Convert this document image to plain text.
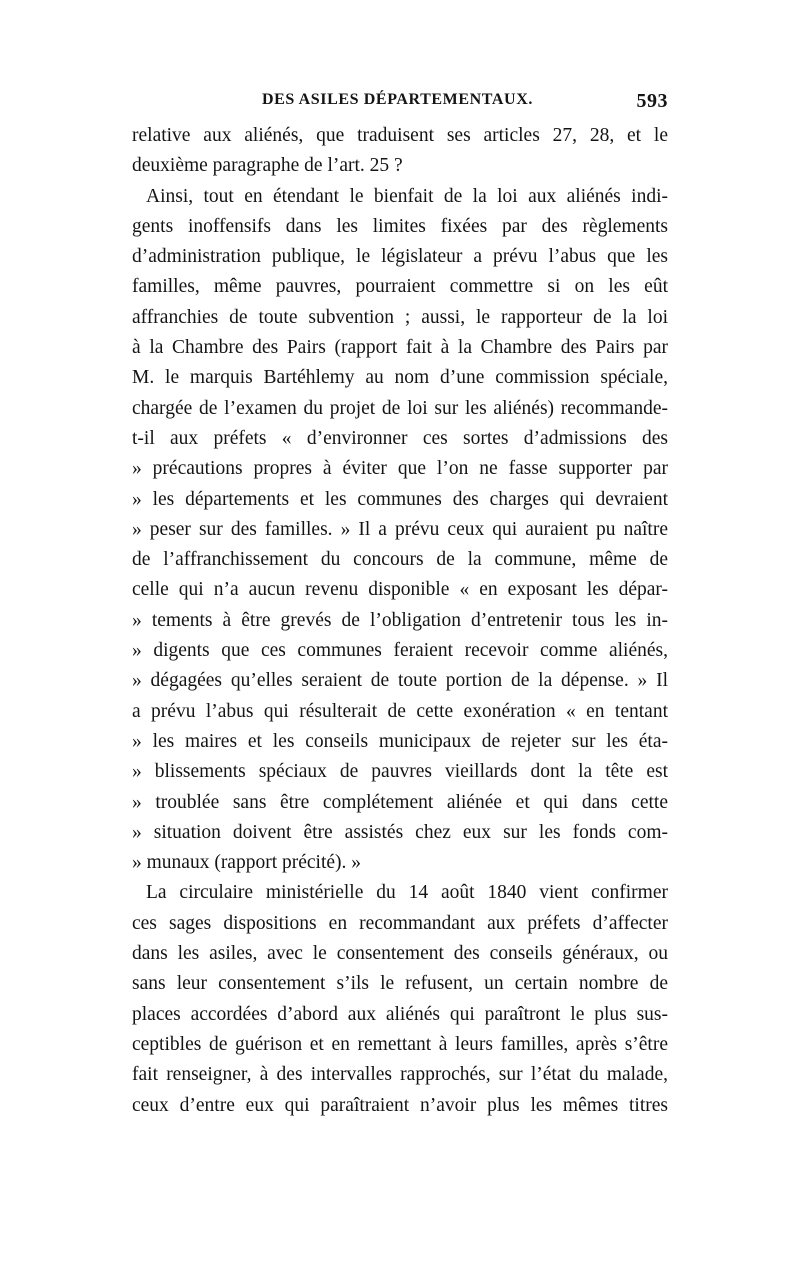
DES ASILES DÉPARTEMENTAUX.	593
relative aux aliénés, que traduisent ses articles 27, 28, et le
deuxième paragraphe de l’art. 25 ?
Ainsi, tout en étendant le bienfait de la loi aux aliénés indi-
gents inoffensifs dans les limites fixées par des règlements
d’administration publique, le législateur a prévu l’abus que les
familles, même pauvres, pourraient commettre si on les eût
affranchies de toute subvention ; aussi, le rapporteur de la loi
à la Chambre des Pairs (rapport fait à la Chambre des Pairs par
M. le marquis Bartéhlemy au nom d’une commission spéciale,
chargée de l’examen du projet de loi sur les aliénés) recommande-
t-il aux préfets « d’environner ces sortes d’admissions des
» précautions propres à éviter que l’on ne fasse supporter par
» les départements et les communes des charges qui devraient
» peser sur des familles. » Il a prévu ceux qui auraient pu naître
de l’affranchissement du concours de la commune, même de
celle qui n’a aucun revenu disponible « en exposant les dépar-
» tements à être grevés de l’obligation d’entretenir tous les in-
» digents que ces communes feraient recevoir comme aliénés,
» dégagées qu’elles seraient de toute portion de la dépense. » Il
a prévu l’abus qui résulterait de cette exonération « en tentant
» les maires et les conseils municipaux de rejeter sur les éta-
» blissements spéciaux de pauvres vieillards dont la tête est
» troublée sans être complétement aliénée et qui dans cette
» situation doivent être assistés chez eux sur les fonds com-
» munaux (rapport précité). »
La circulaire ministérielle du 14 août 1840 vient confirmer
ces sages dispositions en recommandant aux préfets d’affecter
dans les asiles, avec le consentement des conseils généraux, ou
sans leur consentement s’ils le refusent, un certain nombre de
places accordées d’abord aux aliénés qui paraîtront le plus sus-
ceptibles de guérison et en remettant à leurs familles, après s’être
fait renseigner, à des intervalles rapprochés, sur l’état du malade,
ceux d’entre eux qui paraîtraient n’avoir plus les mêmes titres
